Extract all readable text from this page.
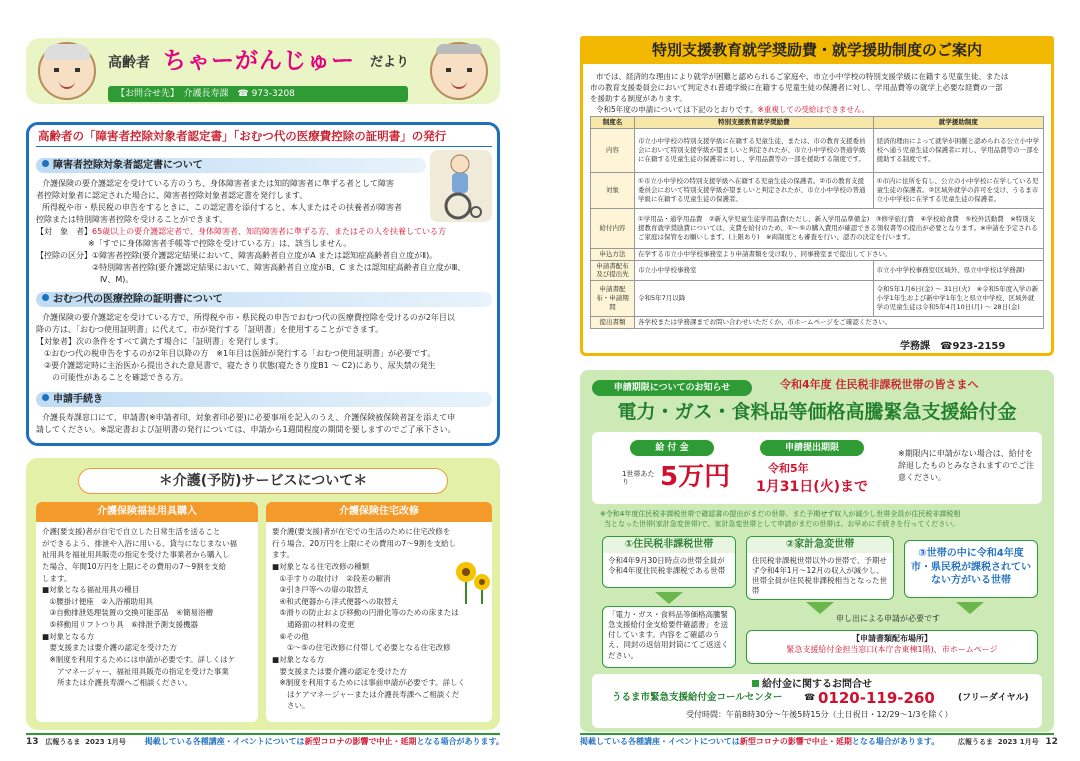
高齢者 ちゃーがんじゅー だより
【お問合せ先】　介護長寿課　☎ 973-3208
高齢者の「障害者控除対象者認定書」「おむつ代の医療費控除の証明書」の発行
障害者控除対象者認定書について
介護保険の要介護認定を受けている方のうち、身体障害者または知的障害者に準ずる者として障害
者控除対象者に認定された場合に、障害者控除対象者認定書を発行します。
所得税や市・県民税の申告をするときに、この認定書を添付すると、本人またはその扶養者が障害者
控除または特別障害者控除を受けることができます。
【対　象　者】65歳以上の要介護認定者で、身体障害者、知的障害者に準ずる方、またはその人を扶養している方
※「すでに身体障害者手帳等で控除を受けている方」は、該当しません。
【控除の区分】①障害者控除(要介護認定結果において、障害高齢者自立度がA または認知症高齢者自立度がⅡ)。
　　　　　　　②特別障害者控除(要介護認定結果において、障害高齢者自立度がB、C または認知症高齢者自立度がⅢ、
　　　　　　　　Ⅳ、M)。
おむつ代の医療控除の証明書について
介護保険の要介護認定を受けている方で、所得税や市・県民税の申告でおむつ代の医療費控除を受けるのが2年目以
降の方は、「おむつ使用証明書」に代えて、市が発行する「証明書」を使用することができます。
【対象者】次の条件をすべて満たす場合に「証明書」を発行します。
　①おむつ代の税申告をするのが2年目以降の方　※1年目は医師が発行する「おむつ使用証明書」が必要です。
　②要介護認定時に主治医から提出された意見書で、寝たきり状態(寝たきり度B1 ～ C2)にあり、尿失禁の発生
　　の可能性があることを確認できる方。
申請手続き
介護長寿課窓口にて、申請書(※申請者印、対象者印必要)に必要事項を記入のうえ、介護保険被保険者証を添えて申
請してください。※認定書および証明書の発行については、申請から1週間程度の期間を要しますのでご了承下さい。
＊介護(予防)サービスについて＊
介護保険福祉用具購入
介護(要支援)者が自宅で自立した日常生活を送ること
ができるよう、排泄や入浴に用いる、貸与になじまない福
祉用具を福祉用具販売の指定を受けた事業者から購入し
た場合、年間10万円を上限にその費用の7～9割を支給
します。
■対象となる福祉用具の種目
　①腰掛け便座　②入浴補助用具
　③自動排泄処理装置の交換可能部品　④簡易浴槽
　⑤移動用リフトつり具　⑥排泄予測支援機器
■対象となる方
　要支援または要介護の認定を受けた方
　※制度を利用するためには申請が必要です。詳しくはケ
　　アマネージャー、福祉用具販売の指定を受けた事業
　　所または介護長寿課へご相談ください。
介護保険住宅改修
要介護(要支援)者が在宅での生活のために住宅改修を
行う場合、20万円を上限にその費用の7～9割を支給し
ます。
■対象となる住宅改修の種類
　①手すりの取付け　②段差の解消
　③引き戸等への扉の取替え
　④和式便器から洋式便器への取替え
　⑤滑りの防止および移動の円滑化等のための床または
　　通路面の材料の変更
　⑥その他
　　①～⑤の住宅改修に付帯して必要となる住宅改修
■対象となる方
　要支援または要介護の認定を受けた方
　※制度を利用するためには事前申請が必要です。詳しく
　　はケアマネージャーまたは介護長寿課へご相談くだ
　　さい。
13 広報うるま 2023 1月号 掲載している各種講座・イベントについては新型コロナの影響で中止・延期となる場合があります。
特別支援教育就学奨励費・就学援助制度のご案内
市では、経済的な理由により就学が困難と認められるご家庭や、市立小中学校の特別支援学級に在籍する児童生徒、または
市の教育支援委員会において判定され普通学級に在籍する児童生徒の保護者に対し、学用品費等の就学上必要な経費の一部
を援助する制度があります。
令和5年度の申請については下記のとおりです。※重複しての受給はできません。
制度名	特別支援教育就学奨励費	就学援助制度
内容	市立小中学校の特別支援学級に在籍する児童生徒、または、市の教育支援委員会において特別支援学級が望ましいと判定されたが、市立小中学校の普通学級に在籍する児童生徒の保護者に対し、学用品費等の一部を援助する制度です。	経済的理由によって就学が困難と認められる公立小中学校へ通う児童生徒の保護者に対し、学用品費等の一部を援助する制度です。
対象	①市立小中学校の特別支援学級へ在籍する児童生徒の保護者。②市の教育支援委員会において特別支援学級が望ましいと判定されたが、市立小中学校の普通学級に在籍する児童生徒の保護者。	①市内に住所を有し、公立の小中学校に在学している児童生徒の保護者。②区域外就学の許可を受け、うるま市立小中学校に在学する児童生徒の保護者。
給付内容	①学用品・通学用品費　②新入学児童生徒学用品費(ただし、新入学用品準備金)　③修学旅行費　④学校給食費　⑤校外活動費　※特別支援教育就学奨励費については、支費を給付のため、①～⑤の購入費用が確認できる領収書等の提出が必要となります。※申請を予定されるご家庭は保管をお願いします。(上限あり)　※両制度とも審査を行い、認否の決定を行います。	
申込方法	在学する市立小中学校事務室より申請書類を受け取り、同事務室まで提出して下さい。	
申請書配布及び提出先	市立小中学校事務室	市立小中学校事務室(区域外、県立中学校は学務課)
申請書配布・申請期間	令和5年7月以降	令和5年1月6日(金) ～ 31日(火)　※令和5年度入学の新小学1年生および新中学1年生と県立中学校、区域外就学の児童生徒は令和5年4月10日(月) ～ 28日(金)
提出書類	各学校または学務課までお問い合わせいただくか、市ホームページをご確認ください。	
学務課　☎923-2159
申請期限についてのお知らせ	令和4年度 住民税非課税世帯の皆さまへ
電力・ガス・食料品等価格高騰緊急支援給付金
給 付 金	申請提出期限
1世帯あたり	5万円	令和5年
1月31日(火)まで
※期限内に申請がない場合は、給付を辞退したものとみなされますのでご注意ください。
※令和4年度住民税非課税世帯で確認書の提出がまだの世帯、また予期せず収入が減少し世帯全員が住民税非課税相
当となった世帯(家計急変世帯)で、家計急変世帯として申請がまだの世帯は、お早めに手続きを行ってください。
①住民税非課税世帯
令和4年9月30日時点の世帯全員が令和4年度住民税非課税である世帯
②家計急変世帯
住民税非課税世帯以外の世帯で、予期せず令和4年1月～12月の収入が減少し、世帯全員が住民税非課税相当となった世帯
③世帯の中に令和4年度市・県民税が課税されていない方がいる世帯
「電力・ガス・食料品等価格高騰緊急支援給付金支給要件確認書」を送付しています。内容をご確認のうえ、同封の返信用封筒にてご返送ください。
申し出による申請が必要です
【申請書類配布場所】
緊急支援給付金担当窓口(本庁舎東棟1階)、市ホームページ
給付金に関するお問合せ
うるま市緊急支援給付金コールセンター ☎ 0120-119-260	(フリーダイヤル)
受付時間：午前8時30分～午後5時15分（土日祝日・12/29～1/3を除く）
掲載している各種講座・イベントについては新型コロナの影響で中止・延期となる場合があります。	広報うるま 2023 1月号 12
